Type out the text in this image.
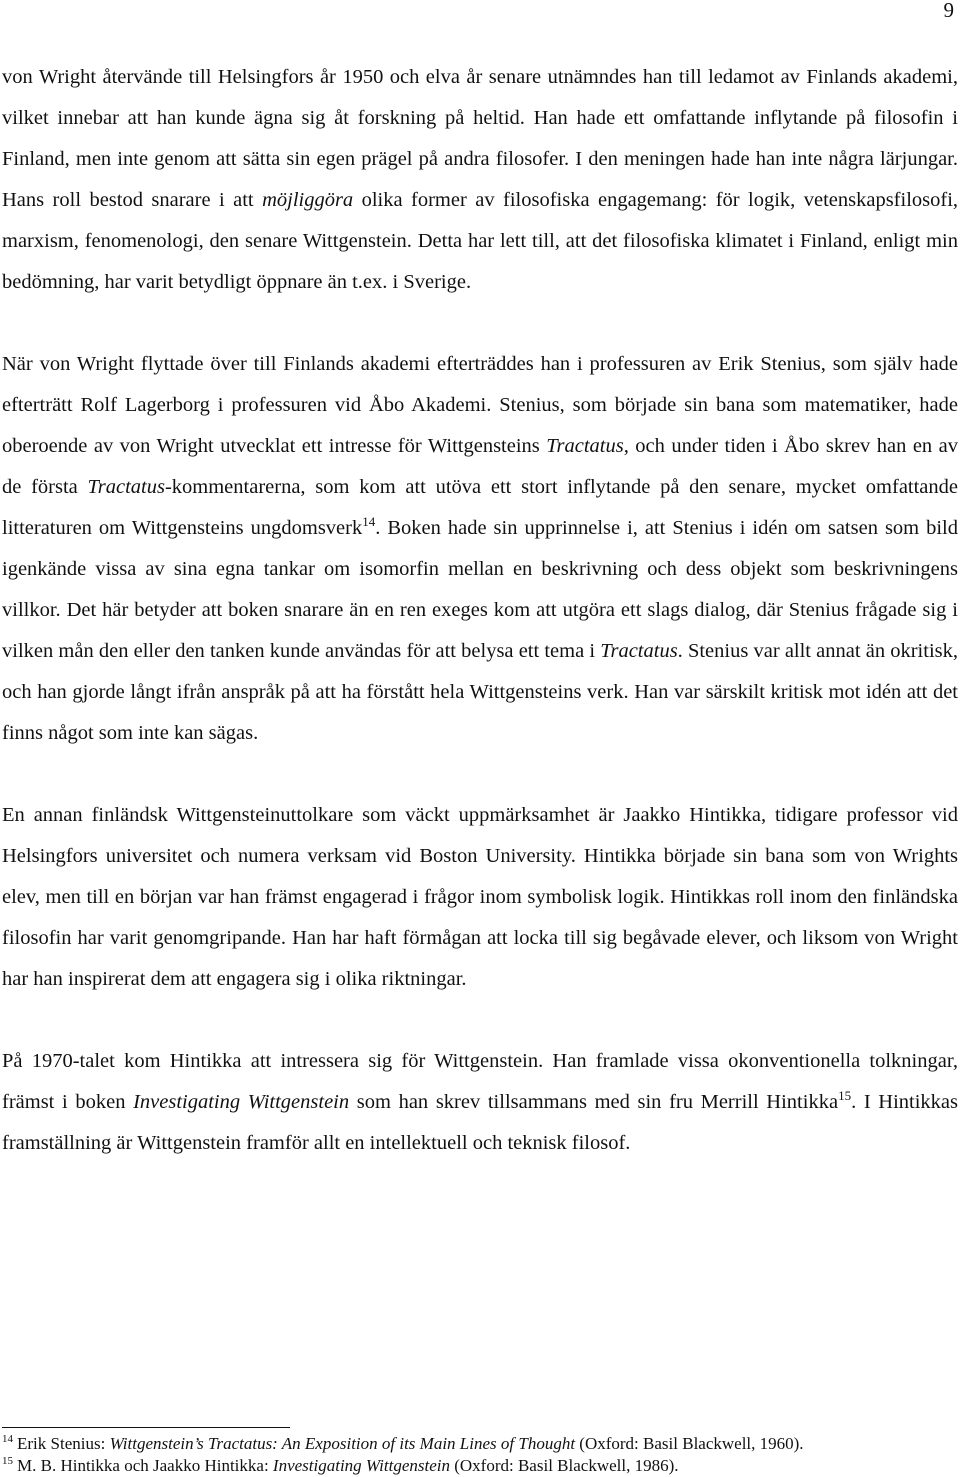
9

von Wright återvände till Helsingfors år 1950 och elva år senare utnämndes han till ledamot av Finlands akademi, vilket innebar att han kunde ägna sig åt forskning på heltid. Han hade ett omfattande inflytande på filosofin i Finland, men inte genom att sätta sin egen prägel på andra filosofer. I den meningen hade han inte några lärjungar. Hans roll bestod snarare i att möjliggöra olika former av filosofiska engagemang: för logik, vetenskapsfilosofi, marxism, fenomenologi, den senare Wittgenstein. Detta har lett till, att det filosofiska klimatet i Finland, enligt min bedömning, har varit betydligt öppnare än t.ex. i Sverige.

När von Wright flyttade över till Finlands akademi efterträddes han i professuren av Erik Stenius, som själv hade efterträtt Rolf Lagerborg i professuren vid Åbo Akademi. Stenius, som började sin bana som matematiker, hade oberoende av von Wright utvecklat ett intresse för Wittgensteins Tractatus, och under tiden i Åbo skrev han en av de första Tractatus-kommentarerna, som kom att utöva ett stort inflytande på den senare, mycket omfattande litteraturen om Wittgensteins ungdomsverk$^{14}$. Boken hade sin upprinnelse i, att Stenius i idén om satsen som bild igenkände vissa av sina egna tankar om isomorfin mellan en beskrivning och dess objekt som beskrivningens villkor. Det här betyder att boken snarare än en ren exeges kom att utgöra ett slags dialog, där Stenius frågade sig i vilken mån den eller den tanken kunde användas för att belysa ett tema i Tractatus. Stenius var allt annat än okritisk, och han gjorde långt ifrån anspråk på att ha förstått hela Wittgensteins verk. Han var särskilt kritisk mot idén att det finns något som inte kan sägas.

En annan finländsk Wittgensteinuttolkare som väckt uppmärksamhet är Jaakko Hintikka, tidigare professor vid Helsingfors universitet och numera verksam vid Boston University. Hintikka började sin bana som von Wrights elev, men till en början var han främst engagerad i frågor inom symbolisk logik. Hintikkas roll inom den finländska filosofin har varit genomgripande. Han har haft förmågan att locka till sig begåvade elever, och liksom von Wright har han inspirerat dem att engagera sig i olika riktningar.

På 1970-talet kom Hintikka att intressera sig för Wittgenstein. Han framlade vissa okonventionella tolkningar, främst i boken Investigating Wittgenstein som han skrev tillsammans med sin fru Merrill Hintikka$^{15}$. I Hintikkas framställning är Wittgenstein framför allt en intellektuell och teknisk filosof.

$^{14}$ Erik Stenius: Wittgenstein’s Tractatus: An Exposition of its Main Lines of Thought (Oxford: Basil Blackwell, 1960).

$^{15}$ M. B. Hintikka och Jaakko Hintikka: Investigating Wittgenstein (Oxford: Basil Blackwell, 1986).
